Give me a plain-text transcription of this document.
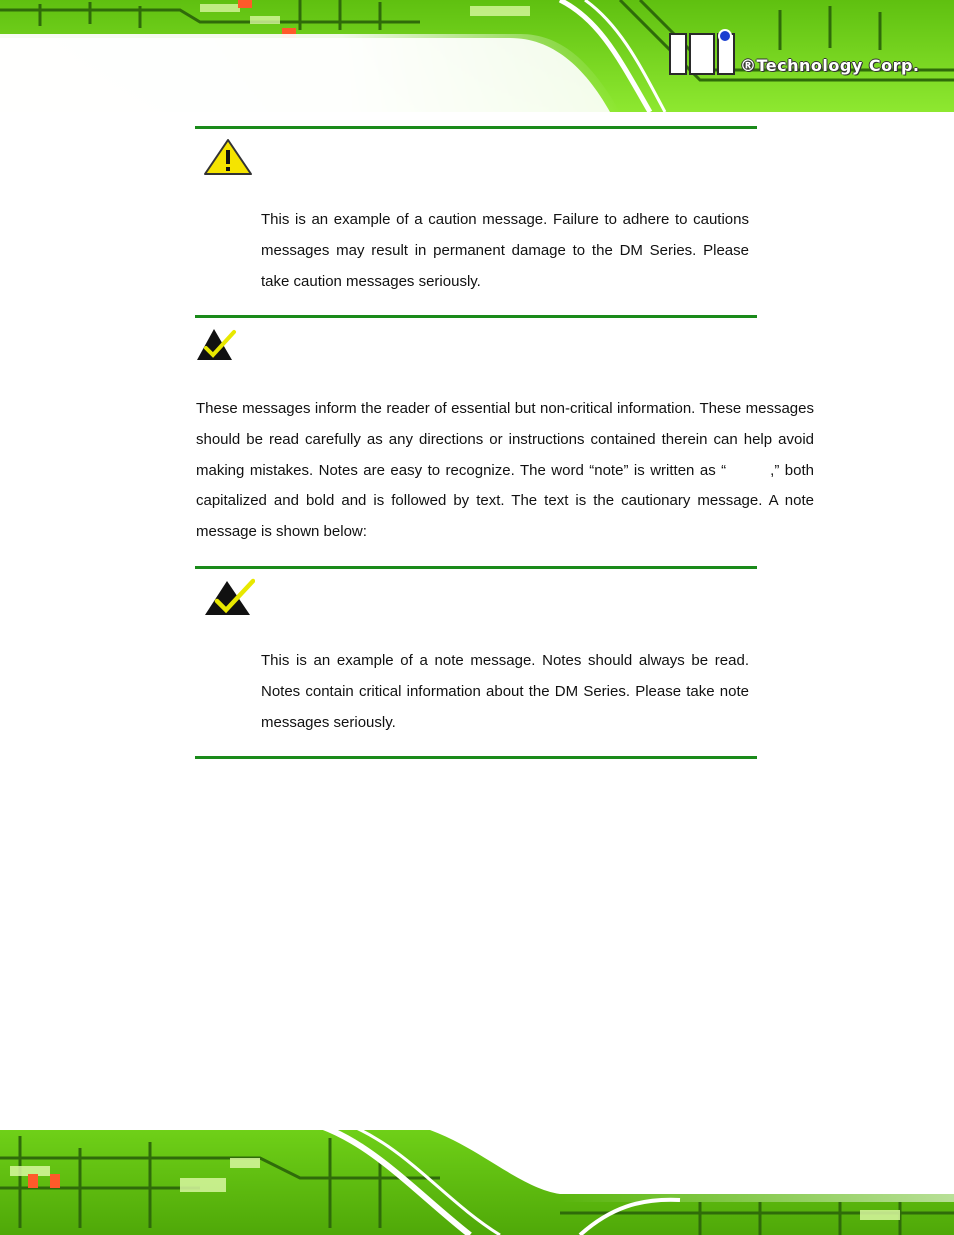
®Technology Corp.

This is an example of a caution message. Failure to adhere to cautions messages may result in permanent damage to the DM Series. Please take caution messages seriously.

These messages inform the reader of essential but non-critical information. These messages should be read carefully as any directions or instructions contained therein can help avoid making mistakes. Notes are easy to recognize. The word “note” is written as “	,” both capitalized and bold and is followed by text. The text is the cautionary message. A note message is shown below:

This is an example of a note message. Notes should always be read. Notes contain critical information about the DM Series. Please take note messages seriously.
